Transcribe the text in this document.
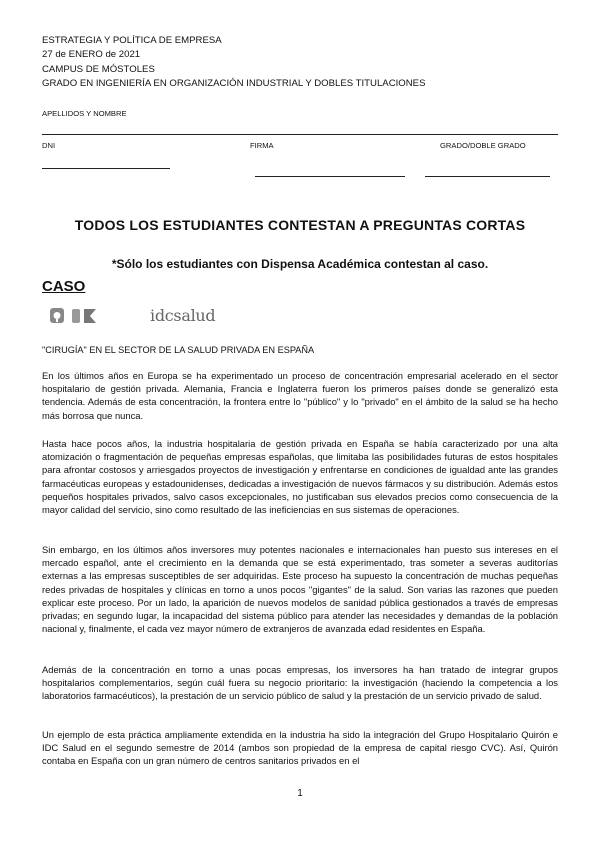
ESTRATEGIA Y POLÍTICA DE EMPRESA
27 de ENERO de 2021
CAMPUS DE MÓSTOLES
GRADO EN INGENIERÍA EN ORGANIZACIÓN INDUSTRIAL Y DOBLES TITULACIONES
APELLIDOS Y NOMBRE
DNI	FIRMA	GRADO/DOBLE GRADO
TODOS LOS ESTUDIANTES CONTESTAN A PREGUNTAS CORTAS
*Sólo los estudiantes con Dispensa Académica contestan al caso.
CASO
idcsalud
"CIRUGÍA" EN EL SECTOR DE LA SALUD PRIVADA EN ESPAÑA
En los últimos años en Europa se ha experimentado un proceso de concentración empresarial acelerado en el sector hospitalario de gestión privada. Alemania, Francia e Inglaterra fueron los primeros países donde se generalizó esta tendencia. Además de esta concentración, la frontera entre lo "público" y lo "privado" en el ámbito de la salud se ha hecho más borrosa que nunca.
Hasta hace pocos años, la industria hospitalaria de gestión privada en España se había caracterizado por una alta atomización o fragmentación de pequeñas empresas españolas, que limitaba las posibilidades futuras de estos hospitales para afrontar costosos y arriesgados proyectos de investigación y enfrentarse en condiciones de igualdad ante las grandes farmacéuticas europeas y estadounidenses, dedicadas a investigación de nuevos fármacos y su distribución. Además estos pequeños hospitales privados, salvo casos excepcionales, no justificaban sus elevados precios como consecuencia de la mayor calidad del servicio, sino como resultado de las ineficiencias en sus sistemas de operaciones.
Sin embargo, en los últimos años inversores muy potentes nacionales e internacionales han puesto sus intereses en el mercado español, ante el crecimiento en la demanda que se está experimentado, tras someter a severas auditorías externas a las empresas susceptibles de ser adquiridas. Este proceso ha supuesto la concentración de muchas pequeñas redes privadas de hospitales y clínicas en torno a unos pocos "gigantes" de la salud. Son varias las razones que pueden explicar este proceso. Por un lado, la aparición de nuevos modelos de sanidad pública gestionados a través de empresas privadas; en segundo lugar, la incapacidad del sistema público para atender las necesidades y demandas de la población nacional y, finalmente, el cada vez mayor número de extranjeros de avanzada edad residentes en España.
Además de la concentración en torno a unas pocas empresas, los inversores ha han tratado de integrar grupos hospitalarios complementarios, según cuál fuera su negocio prioritario: la investigación (haciendo la competencia a los laboratorios farmacéuticos), la prestación de un servicio público de salud y la prestación de un servicio privado de salud.
Un ejemplo de esta práctica ampliamente extendida en la industria ha sido la integración del Grupo Hospitalario Quirón e IDC Salud en el segundo semestre de 2014 (ambos son propiedad de la empresa de capital riesgo CVC). Así, Quirón contaba en España con un gran número de centros sanitarios privados en el
1
